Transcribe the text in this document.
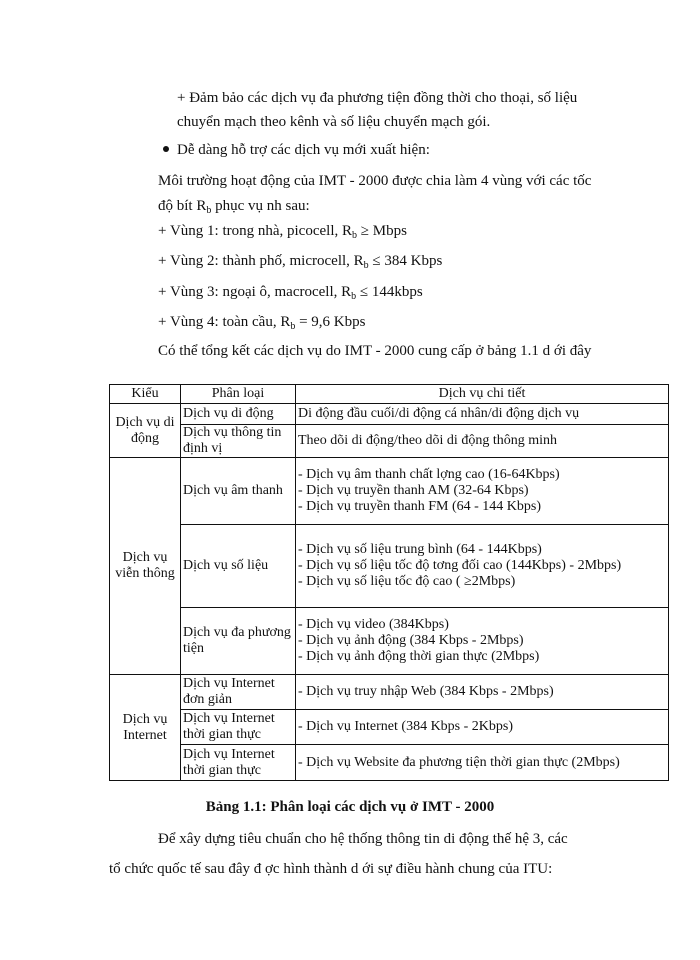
+ Đảm bảo các dịch vụ đa phương tiện đồng thời cho thoại, số liệu
chuyển mạch theo kênh và số liệu chuyển mạch gói.
Dễ dàng hỗ trợ các dịch vụ mới xuất hiện:
Môi trường hoạt động của IMT - 2000 được chia làm 4 vùng với các tốc
độ bít $R_b$ phục vụ nh sau:
+ Vùng 1: trong nhà, picocell, $R_b$ ≥ Mbps
+ Vùng 2: thành phố, microcell, $R_b \le 384$ Kbps
+ Vùng 3: ngoại ô, macrocell, $R_b$ ≤ 144kbps
+ Vùng 4: toàn cầu, $R_b = 9,6$ Kbps
Có thể tổng kết các dịch vụ do IMT - 2000 cung cấp ở bảng 1.1 d ới đây
Kiểu	Phân loại	Dịch vụ chi tiết
Dịch vụ di động	Dịch vụ di động	Di động đầu cuối/di động cá nhân/di động dịch vụ
	Dịch vụ thông tin định vị	Theo dõi di động/theo dõi di động thông minh
Dịch vụ viễn thông	Dịch vụ âm thanh	- Dịch vụ âm thanh chất lợng cao (16-64Kbps)
- Dịch vụ truyền thanh AM (32-64 Kbps)
- Dịch vụ truyền thanh FM (64 - 144 Kbps)

	Dịch vụ số liệu	- Dịch vụ số liệu trung bình (64 - 144Kbps)
- Dịch vụ số liệu tốc độ tơng đối cao (144Kbps) - 2Mbps)
- Dịch vụ số liệu tốc độ cao ( ≥2Mbps)

	Dịch vụ đa phương tiện	- Dịch vụ video (384Kbps)
- Dịch vụ ảnh động (384 Kbps - 2Mbps)
- Dịch vụ ảnh động thời gian thực (2Mbps)

Dịch vụ Internet	Dịch vụ Internet đơn giản	- Dịch vụ truy nhập Web (384 Kbps - 2Mbps)
	Dịch vụ Internet thời gian thực	- Dịch vụ Internet (384 Kbps - 2Kbps)
	Dịch vụ Internet thời gian thực	- Dịch vụ Website đa phương tiện thời gian thực (2Mbps)
Bảng 1.1: Phân loại các dịch vụ ở IMT - 2000
Để xây dựng tiêu chuẩn cho hệ thống thông tin di động thế hệ 3, các
tổ chức quốc tế sau đây đ ợc hình thành d ới sự điều hành chung của ITU:
